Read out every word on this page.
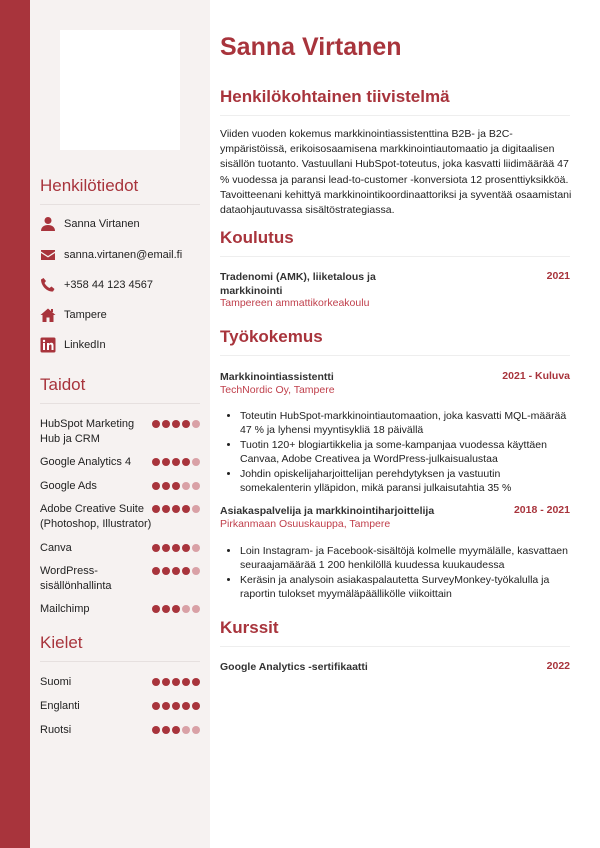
Henkilötiedot
Sanna Virtanen
sanna.virtanen@email.fi
+358 44 123 4567
Tampere
LinkedIn
Taidot
HubSpot Marketing Hub ja CRM
Google Analytics 4
Google Ads
Adobe Creative Suite (Photoshop, Illustrator)
Canva
WordPress-sisällönhallinta
Mailchimp
Kielet
Suomi
Englanti
Ruotsi
Sanna Virtanen
Henkilökohtainen tiivistelmä

Viiden vuoden kokemus markkinointiassistenttina B2B- ja B2C-ympäristöissä, erikoisosaamisena markkinointiautomaatio ja digitaalisen sisällön tuotanto. Vastuullani HubSpot-toteutus, joka kasvatti liidimäärää 47 % vuodessa ja paransi lead-to-customer -konversiota 12 prosenttiyksikköä. Tavoitteenani kehittyä markkinointikoordinaattoriksi ja syventää osaamistani dataohjautuvassa sisältöstrategiassa.

Koulutus
Tradenomi (AMK), liiketalous ja markkinointi
2021
Tampereen ammattikorkeakoulu
Työkokemus
Markkinointiassistentti	2021 - Kuluva
TechNordic Oy, Tampere
• Toteutin HubSpot-markkinointiautomaation, joka kasvatti MQL-määrää 47 % ja lyhensi myyntisykliä 18 päivällä
• Tuotin 120+ blogiartikkelia ja some-kampanjaa vuodessa käyttäen Canvaa, Adobe Creativea ja WordPress-julkaisualustaa
• Johdin opiskelijaharjoittelijan perehdytyksen ja vastuutin somekalenterin ylläpidon, mikä paransi julkaisutahtia 35 %
Asiakaspalvelija ja markkinointiharjoittelija	2018 - 2021
Pirkanmaan Osuuskauppa, Tampere
• Loin Instagram- ja Facebook-sisältöjä kolmelle myymälälle, kasvattaen seuraajamäärää 1 200 henkilöllä kuudessa kuukaudessa
• Keräsin ja analysoin asiakaspalautetta SurveyMonkey-työkalulla ja raportin tulokset myymäläpäällikölle viikoittain
Kurssit
Google Analytics -sertifikaatti	2022
